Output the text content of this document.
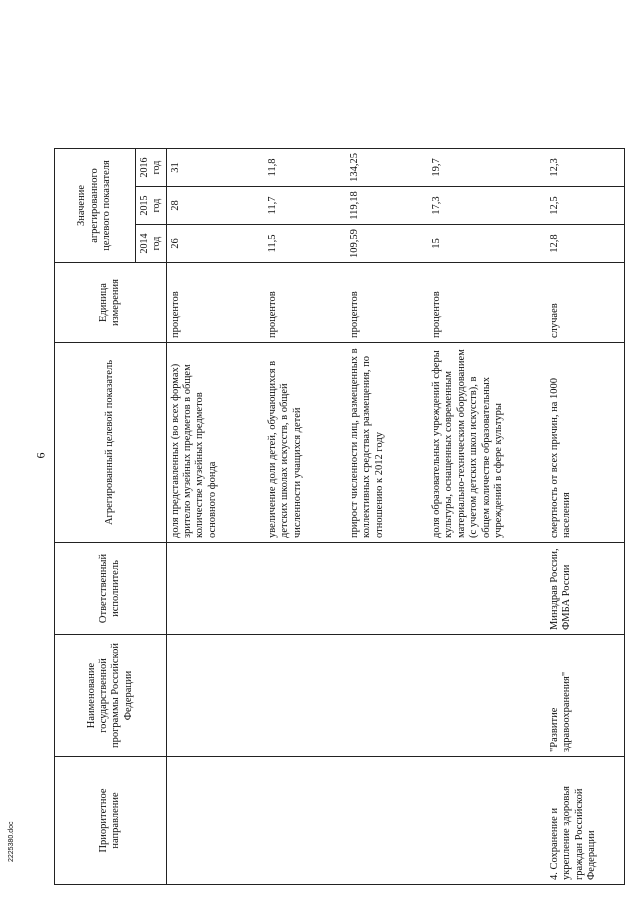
6
Приоритетное направление	Наименование государственной программы Российской Федерации	Ответственный исполнитель	Агрегированный целевой показатель	Единица измерения	Значение агрегированного целевого показателя			
					2014 год	2015 год	2016 год	
			доля представленных (во всех формах) зрителю музейных предметов в общем количестве музейных предметов основного фонда	процентов	26	28	31	
			увеличение доли детей, обучающихся в детских школах искусств, в общей численности учащихся детей	процентов	11,5	11,7	11,8	
			прирост численности лиц, размещенных в коллективных средствах размещения, по отношению к 2012 году	процентов	109,59	119,18	134,25	
			доля образовательных учреждений сферы культуры, оснащенных современным материально-техническим оборудованием (с учетом детских школ искусств), в общем количестве образовательных учреждений в сфере культуры	процентов	15	17,3	19,7	
4. Сохранение и укрепление здоровья граждан Российской Федерации	"Развитие здравоохранения"	Минздрав России, ФМБА России	смертность от всех причин, на 1000 населения	случаев	12,8	12,5	12,3	
2225380.doc
